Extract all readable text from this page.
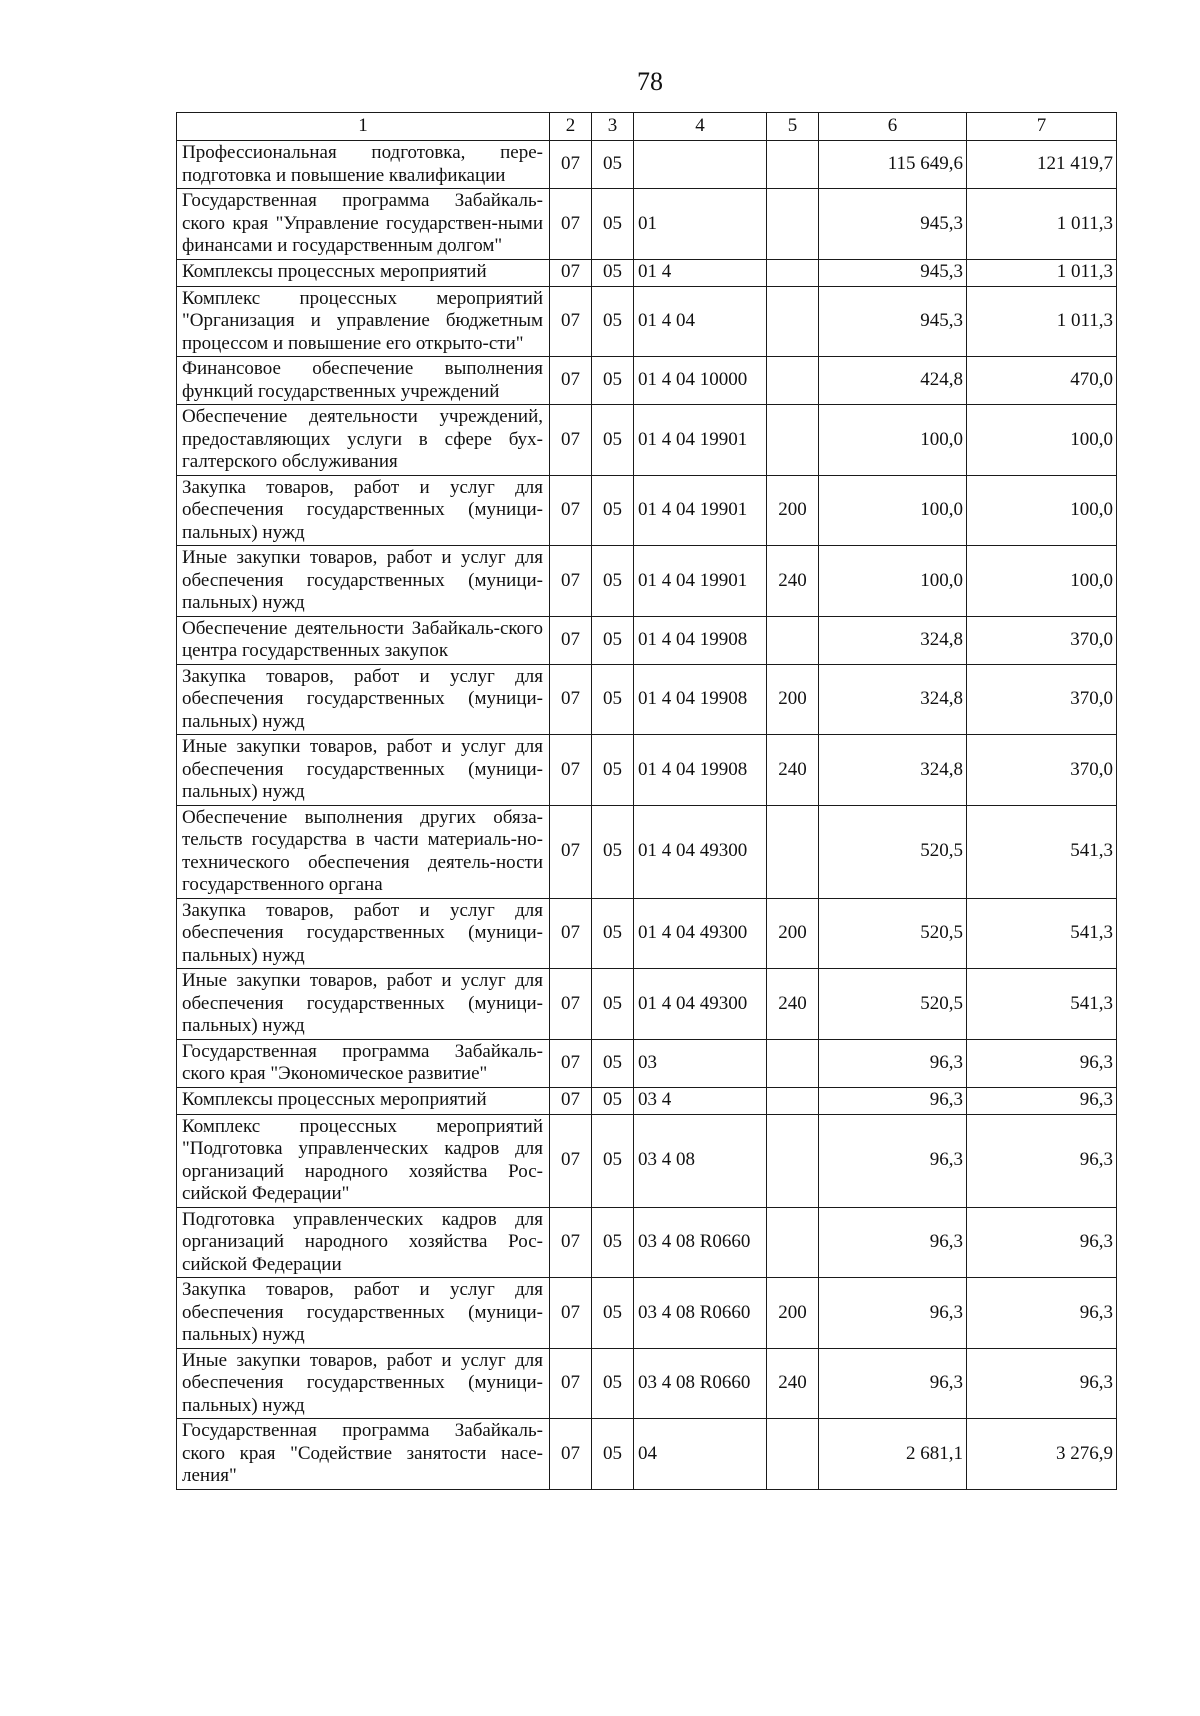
78
1	2	3	4	5	6	7
Профессиональная подготовка, пере-подготовка и повышение квалификации	07	05			115 649,6	121 419,7
Государственная программа Забайкаль-ского края "Управление государствен-ными финансами и государственным долгом"	07	05	01		945,3	1 011,3
Комплексы процессных мероприятий	07	05	01 4		945,3	1 011,3
Комплекс процессных мероприятий "Организация и управление бюджетным процессом и повышение его открыто-сти"	07	05	01 4 04		945,3	1 011,3
Финансовое обеспечение выполнения функций государственных учреждений	07	05	01 4 04 10000		424,8	470,0
Обеспечение деятельности учреждений, предоставляющих услуги в сфере бух-галтерского обслуживания	07	05	01 4 04 19901		100,0	100,0
Закупка товаров, работ и услуг для обеспечения государственных (муници-пальных) нужд	07	05	01 4 04 19901	200	100,0	100,0
Иные закупки товаров, работ и услуг для обеспечения государственных (муници-пальных) нужд	07	05	01 4 04 19901	240	100,0	100,0
Обеспечение деятельности Забайкаль-ского центра государственных закупок	07	05	01 4 04 19908		324,8	370,0
Закупка товаров, работ и услуг для обеспечения государственных (муници-пальных) нужд	07	05	01 4 04 19908	200	324,8	370,0
Иные закупки товаров, работ и услуг для обеспечения государственных (муници-пальных) нужд	07	05	01 4 04 19908	240	324,8	370,0
Обеспечение выполнения других обяза-тельств государства в части материаль-но-технического обеспечения деятель-ности государственного органа	07	05	01 4 04 49300		520,5	541,3
Закупка товаров, работ и услуг для обеспечения государственных (муници-пальных) нужд	07	05	01 4 04 49300	200	520,5	541,3
Иные закупки товаров, работ и услуг для обеспечения государственных (муници-пальных) нужд	07	05	01 4 04 49300	240	520,5	541,3
Государственная программа Забайкаль-ского края "Экономическое развитие"	07	05	03		96,3	96,3
Комплексы процессных мероприятий	07	05	03 4		96,3	96,3
Комплекс процессных мероприятий "Подготовка управленческих кадров для организаций народного хозяйства Рос-сийской Федерации"	07	05	03 4 08		96,3	96,3
Подготовка управленческих кадров для организаций народного хозяйства Рос-сийской Федерации	07	05	03 4 08 R0660		96,3	96,3
Закупка товаров, работ и услуг для обеспечения государственных (муници-пальных) нужд	07	05	03 4 08 R0660	200	96,3	96,3
Иные закупки товаров, работ и услуг для обеспечения государственных (муници-пальных) нужд	07	05	03 4 08 R0660	240	96,3	96,3
Государственная программа Забайкаль-ского края "Содействие занятости насе-ления"	07	05	04		2 681,1	3 276,9
